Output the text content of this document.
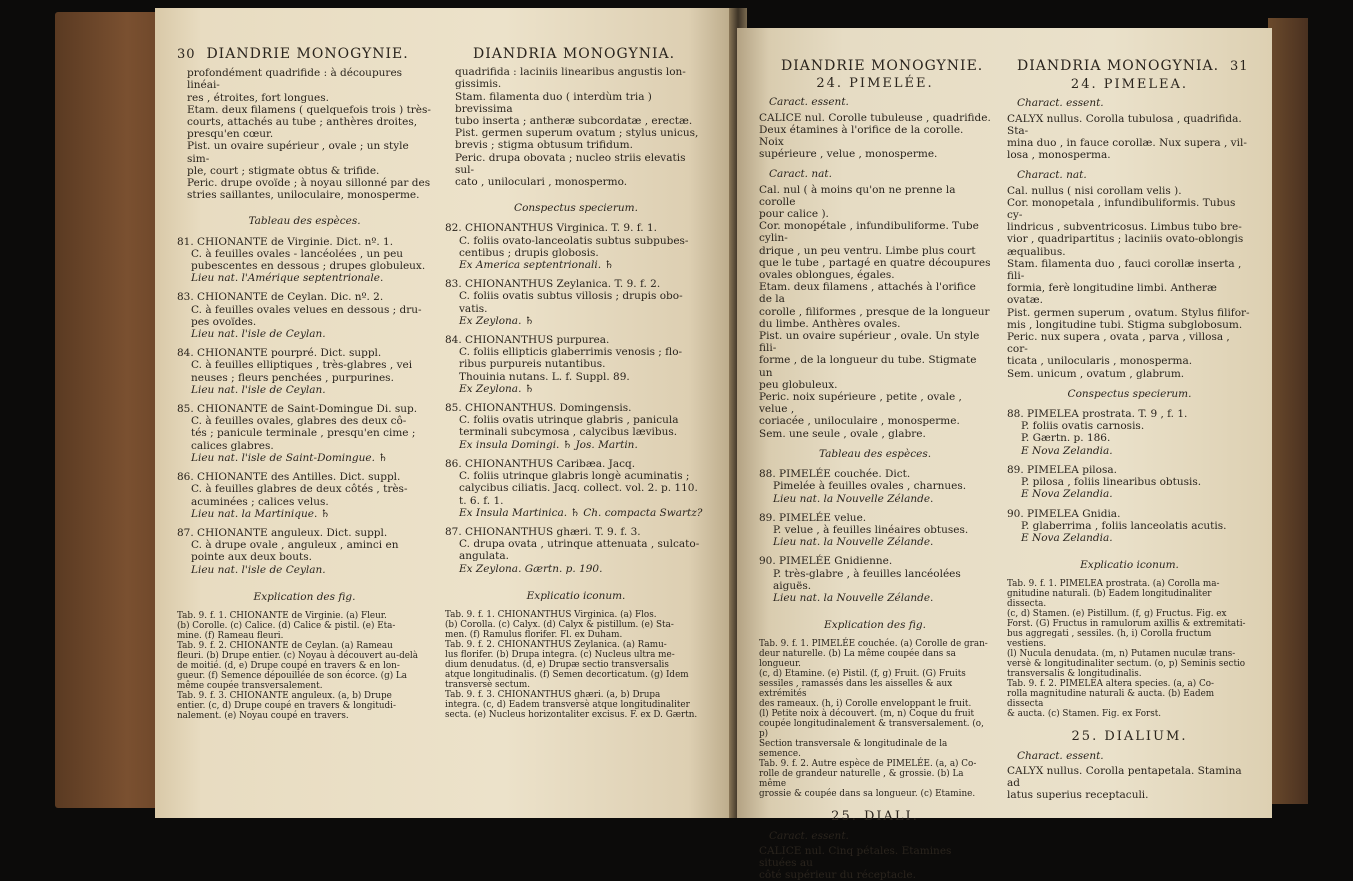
30 DIANDRIE MONOGYNIE.

profondément quadrifide : à découpures linéai-

res , étroites, fort longues.

Etam. deux filamens ( quelquefois trois ) très-

courts, attachés au tube ; anthères droites,

presqu'en cœur.

Pist. un ovaire supérieur , ovale ; un style sim-

ple, court ; stigmate obtus & trifide.

Peric. drupe ovoïde ; à noyau sillonné par des

stries saillantes, uniloculaire, monosperme.

Tableau des espèces.

81. CHIONANTE de Virginie. Dict. nº. 1.

C. à feuilles ovales - lancéolées , un peu

pubescentes en dessous ; drupes globuleux.

Lieu nat. l'Amérique septentrionale.

83. CHIONANTE de Ceylan. Dic. nº. 2.

C. à feuilles ovales velues en dessous ; dru-

pes ovoïdes.

Lieu nat. l'isle de Ceylan.

84. CHIONANTE pourpré. Dict. suppl.

C. à feuilles elliptiques , très-glabres , vei

neuses ; fleurs penchées , purpurines.

Lieu nat. l'isle de Ceylan.

85. CHIONANTE de Saint-Domingue Di. sup.

C. à feuilles ovales, glabres des deux cô-

tés ; panicule terminale , presqu'en cime ;

calices glabres.

Lieu nat. l'isle de Saint-Domingue. ♄

86. CHIONANTE des Antilles. Dict. suppl.

C. à feuilles glabres de deux côtés , très-

acuminées ; calices velus.

Lieu nat. la Martinique. ♄

87. CHIONANTE anguleux. Dict. suppl.

C. à drupe ovale , anguleux , aminci en

pointe aux deux bouts.

Lieu nat. l'isle de Ceylan.

Explication des fig.

Tab. 9. f. 1. CHIONANTE de Virginie. (a) Fleur.

(b) Corolle. (c) Calice. (d) Calice & pistil. (e) Eta-

mine. (f) Rameau fleuri.

Tab. 9. f. 2. CHIONANTE de Ceylan. (a) Rameau

fleuri. (b) Drupe entier. (c) Noyau à découvert au-delà

de moitié. (d, e) Drupe coupé en travers & en lon-

gueur. (f) Semence dépouillée de son écorce. (g) La

même coupée transversalement.

Tab. 9. f. 3. CHIONANTE anguleux. (a, b) Drupe

entier. (c, d) Drupe coupé en travers & longitudi-

nalement. (e) Noyau coupé en travers.

DIANDRIA MONOGYNIA.

quadrifida : laciniis linearibus angustis lon-

gissimis.

Stam. filamenta duo ( interdùm tria ) brevissima

tubo inserta ; antheræ subcordatæ , erectæ.

Pist. germen superum ovatum ; stylus unicus,

brevis ; stigma obtusum trifidum.

Peric. drupa obovata ; nucleo striis elevatis sul-

cato , uniloculari , monospermo.

Conspectus specierum.

82. CHIONANTHUS Virginica. T. 9. f. 1.

C. foliis ovato-lanceolatis subtus subpubes-

centibus ; drupis globosis.

Ex America septentrionali. ♄

83. CHIONANTHUS Zeylanica. T. 9. f. 2.

C. foliis ovatis subtus villosis ; drupis obo-

vatis.

Ex Zeylona. ♄

84. CHIONANTHUS purpurea.

C. foliis ellipticis glaberrimis venosis ; flo-

ribus purpureis nutantibus.

Thouinia nutans. L. f. Suppl. 89.

Ex Zeylona. ♄

85. CHIONANTHUS. Domingensis.

C. foliis ovatis utrinque glabris , panicula

terminali subcymosa , calycibus lævibus.

Ex insula Domingi. ♄ Jos. Martin.

86. CHIONANTHUS Caribæa. Jacq.

C. foliis utrinque glabris longè acuminatis ;

calycibus ciliatis. Jacq. collect. vol. 2. p. 110.

t. 6. f. 1.

Ex Insula Martinica. ♄ Ch. compacta Swartz?

87. CHIONANTHUS ghæri. T. 9. f. 3.

C. drupa ovata , utrinque attenuata , sulcato-

angulata.

Ex Zeylona. Gærtn. p. 190.

Explicatio iconum.

Tab. 9. f. 1. CHIONANTHUS Virginica. (a) Flos.

(b) Corolla. (c) Calyx. (d) Calyx & pistillum. (e) Sta-

men. (f) Ramulus florifer. Fl. ex Duham.

Tab. 9. f. 2. CHIONANTHUS Zeylanica. (a) Ramu-

lus florifer. (b) Drupa integra. (c) Nucleus ultra me-

dium denudatus. (d, e) Drupæ sectio transversalis

atque longitudinalis. (f) Semen decorticatum. (g) Idem

transversè sectum.

Tab. 9. f. 3. CHIONANTHUS ghæri. (a, b) Drupa

integra. (c, d) Eadem transversè atque longitudinaliter

secta. (e) Nucleus horizontaliter excisus. F. ex D. Gærtn.

DIANDRIE MONOGYNIE.
24. PIMELÉE.

Caract. essent.

CALICE nul. Corolle tubuleuse , quadrifide.

Deux étamines à l'orifice de la corolle. Noix

supérieure , velue , monosperme.

Caract. nat.

Cal. nul ( à moins qu'on ne prenne la corolle

pour calice ).

Cor. monopétale , infundibuliforme. Tube cylin-

drique , un peu ventru. Limbe plus court

que le tube , partagé en quatre découpures

ovales oblongues, égales.

Etam. deux filamens , attachés à l'orifice de la

corolle , filiformes , presque de la longueur

du limbe. Anthères ovales.

Pist. un ovaire supérieur , ovale. Un style fili-

forme , de la longueur du tube. Stigmate un

peu globuleux.

Peric. noix supérieure , petite , ovale , velue ,

coriacée , uniloculaire , monosperme.

Sem. une seule , ovale , glabre.

Tableau des espèces.

88. PIMELÉE couchée. Dict.

Pimelée à feuilles ovales , charnues.

Lieu nat. la Nouvelle Zélande.

89. PIMELÉE velue.

P. velue , à feuilles linéaires obtuses.

Lieu nat. la Nouvelle Zélande.

90. PIMELÉE Gnidienne.

P. très-glabre , à feuilles lancéolées aiguës.

Lieu nat. la Nouvelle Zélande.

Explication des fig.

Tab. 9. f. 1. PIMELÉE couchée. (a) Corolle de gran-

deur naturelle. (b) La même coupée dans sa longueur.

(c, d) Etamine. (e) Pistil. (f, g) Fruit. (G) Fruits

sessiles , ramassés dans les aisselles & aux extrémités

des rameaux. (h, i) Corolle enveloppant le fruit.

(l) Petite noix à découvert. (m, n) Coque du fruit

coupée longitudinalement & transversalement. (o, p)

Section transversale & longitudinale de la semence.

Tab. 9. f. 2. Autre espèce de PIMELÉE. (a, a) Co-

rolle de grandeur naturelle , & grossie. (b) La même

grossie & coupée dans sa longueur. (c) Etamine.

25. DIALI.

Caract. essent.

CALICE nul. Cinq pétales. Etamines situées au

côté supérieur du réceptacle.

DIANDRIA MONOGYNIA. 31
24. PIMELEA.

Charact. essent.

CALYX nullus. Corolla tubulosa , quadrifida. Sta-

mina duo , in fauce corollæ. Nux supera , vil-

losa , monosperma.

Charact. nat.

Cal. nullus ( nisi corollam velis ).

Cor. monopetala , infundibuliformis. Tubus cy-

lindricus , subventricosus. Limbus tubo bre-

vior , quadripartitus ; laciniis ovato-oblongis

æqualibus.

Stam. filamenta duo , fauci corollæ inserta , fili-

formia, ferè longitudine limbi. Antheræ ovatæ.

Pist. germen superum , ovatum. Stylus filifor-

mis , longitudine tubi. Stigma subglobosum.

Peric. nux supera , ovata , parva , villosa , cor-

ticata , unilocularis , monosperma.

Sem. unicum , ovatum , glabrum.

Conspectus specierum.

88. PIMELEA prostrata. T. 9 , f. 1.

P. foliis ovatis carnosis.

P. Gærtn. p. 186.

E Nova Zelandia.

89. PIMELEA pilosa.

P. pilosa , foliis linearibus obtusis.

E Nova Zelandia.

90. PIMELEA Gnidia.

P. glaberrima , foliis lanceolatis acutis.

E Nova Zelandia.

Explicatio iconum.

Tab. 9. f. 1. PIMELEA prostrata. (a) Corolla ma-

gnitudine naturali. (b) Eadem longitudinaliter dissecta.

(c, d) Stamen. (e) Pistillum. (f, g) Fructus. Fig. ex

Forst. (G) Fructus in ramulorum axillis & extremitati-

bus aggregati , sessiles. (h, i) Corolla fructum vestiens.

(l) Nucula denudata. (m, n) Putamen nuculæ trans-

versè & longitudinaliter sectum. (o, p) Seminis sectio

transversalis & longitudinalis.

Tab. 9. f. 2. PIMELEA altera species. (a, a) Co-

rolla magnitudine naturali & aucta. (b) Eadem dissecta

& aucta. (c) Stamen. Fig. ex Forst.

25. DIALIUM.

Charact. essent.

CALYX nullus. Corolla pentapetala. Stamina ad

latus superius receptaculi.
